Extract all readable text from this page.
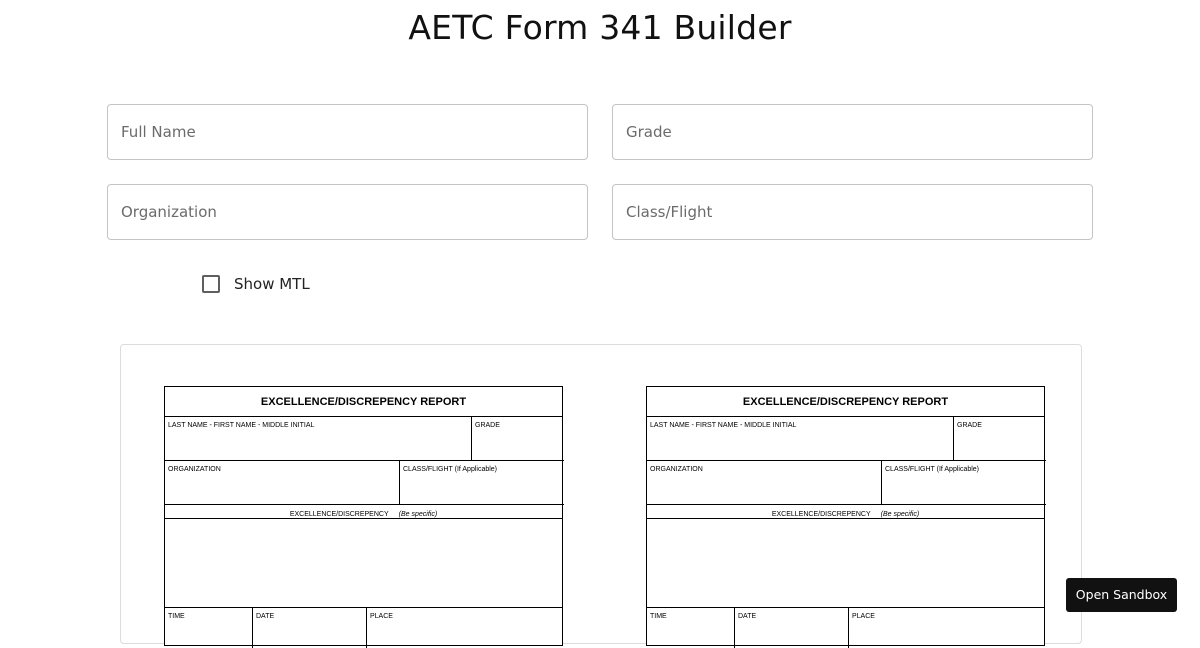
AETC Form 341 Builder
Full Name
Grade
Organization
Class/Flight
Show MTL
EXCELLENCE/DISCREPENCY REPORT
LAST NAME - FIRST NAME - MIDDLE INITIAL	GRADE
ORGANIZATION	CLASS/FLIGHT (If Applicable)
EXCELLENCE/DISCREPENCY (Be specific)
TIME	DATE	PLACE
EXCELLENCE/DISCREPENCY REPORT
LAST NAME - FIRST NAME - MIDDLE INITIAL	GRADE
ORGANIZATION	CLASS/FLIGHT (If Applicable)
EXCELLENCE/DISCREPENCY (Be specific)
TIME	DATE	PLACE
Open Sandbox
